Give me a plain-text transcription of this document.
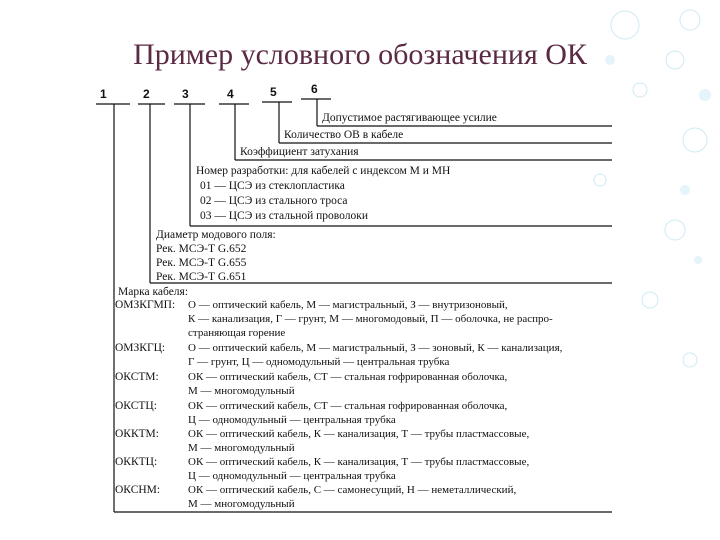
Пример условного обозначения ОК
1	2	3	4	5	6
Допустимое растягивающее усилие
Количество ОВ в кабеле
Коэффициент затухания
Номер разработки: для кабелей с индексом М и МН
01 — ЦСЭ из стеклопластика
02 — ЦСЭ из стального троса
03 — ЦСЭ из стальной проволоки
Диаметр модового поля:
Рек. МСЭ-Т G.652
Рек. МСЭ-Т G.655
Рек. МСЭ-Т G.651
Марка кабеля:
ОМЗКГМП: О — оптический кабель, М — магистральный, З — внутризоновый,
К — канализация, Г — грунт, М — многомодовый, П — оболочка, не распро-
страняющая горение
ОМЗКГЦ: О — оптический кабель, М — магистральный, З — зоновый, К — канализация,
Г — грунт, Ц — одномодульный — центральная трубка
ОКСТМ:	ОК — оптический кабель, СТ — стальная гофрированная оболочка,
М — многомодульный
ОКСТЦ:	ОК — оптический кабель, СТ — стальная гофрированная оболочка,
Ц — одномодульный — центральная трубка
ОККТМ:	ОК — оптический кабель, К — канализация, Т — трубы пластмассовые,
М — многомодульный
ОККТЦ:	ОК — оптический кабель, К — канализация, Т — трубы пластмассовые,
Ц — одномодульный — центральная трубка
ОКСНМ:	ОК — оптический кабель, С — самонесущий, Н — неметаллический,
М — многомодульный
